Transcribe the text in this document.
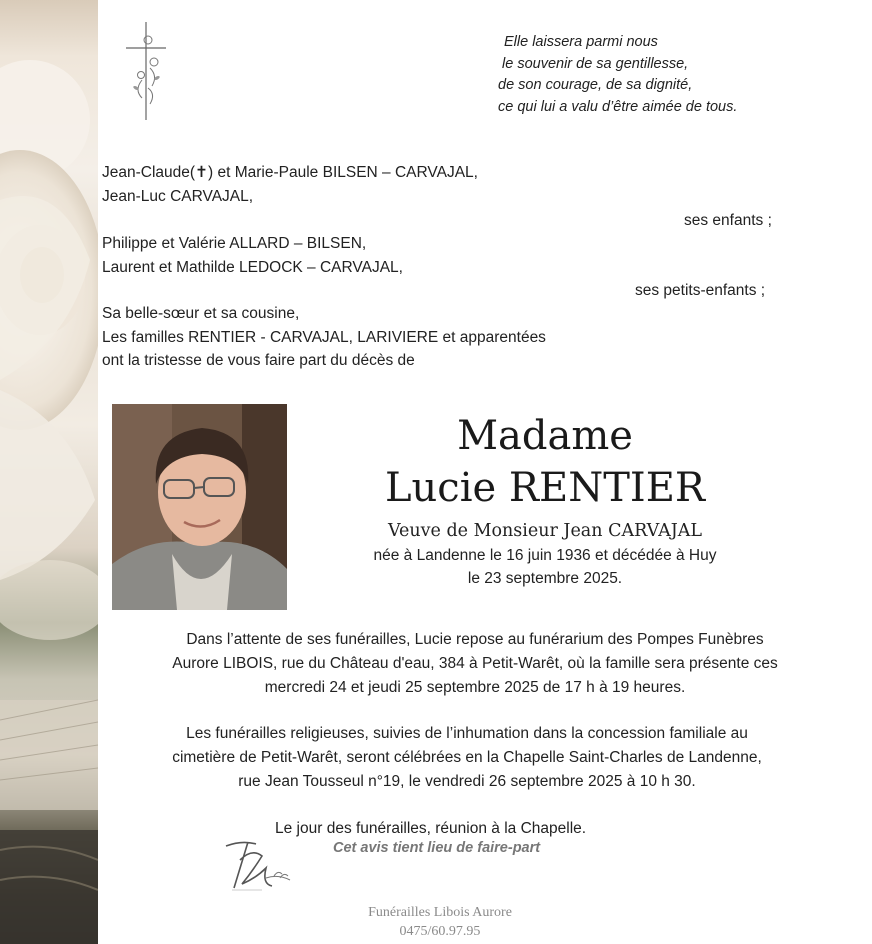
Elle laissera parmi nous
le souvenir de sa gentillesse,
de son courage, de sa dignité,
ce qui lui a valu d’être aimée de tous.
Jean-Claude(✝) et Marie-Paule BILSEN – CARVAJAL,
Jean-Luc CARVAJAL,
ses enfants ;
Philippe et Valérie ALLARD – BILSEN,
Laurent et Mathilde LEDOCK – CARVAJAL,
ses petits-enfants ;
Sa belle-sœur et sa cousine,
Les familles RENTIER - CARVAJAL, LARIVIERE et apparentées
ont la tristesse de vous faire part du décès de
Madame
Lucie RENTIER
Veuve de Monsieur Jean CARVAJAL
née à Landenne le 16 juin 1936 et décédée à Huy
le 23 septembre 2025.
Dans l’attente de ses funérailles, Lucie repose au funérarium des Pompes Funèbres
Aurore LIBOIS, rue du Château d'eau, 384 à Petit-Warêt, où la famille sera présente ces
mercredi 24 et jeudi 25 septembre 2025 de 17 h à 19 heures.
Les funérailles religieuses, suivies de l’inhumation dans la concession familiale au
cimetière de Petit-Warêt, seront célébrées en la Chapelle Saint-Charles de Landenne,
rue Jean Tousseul n°19, le vendredi 26 septembre 2025 à 10 h 30.
Le jour des funérailles, réunion à la Chapelle.
Cet avis tient lieu de faire-part
Funérailles Libois Aurore
0475/60.97.95
